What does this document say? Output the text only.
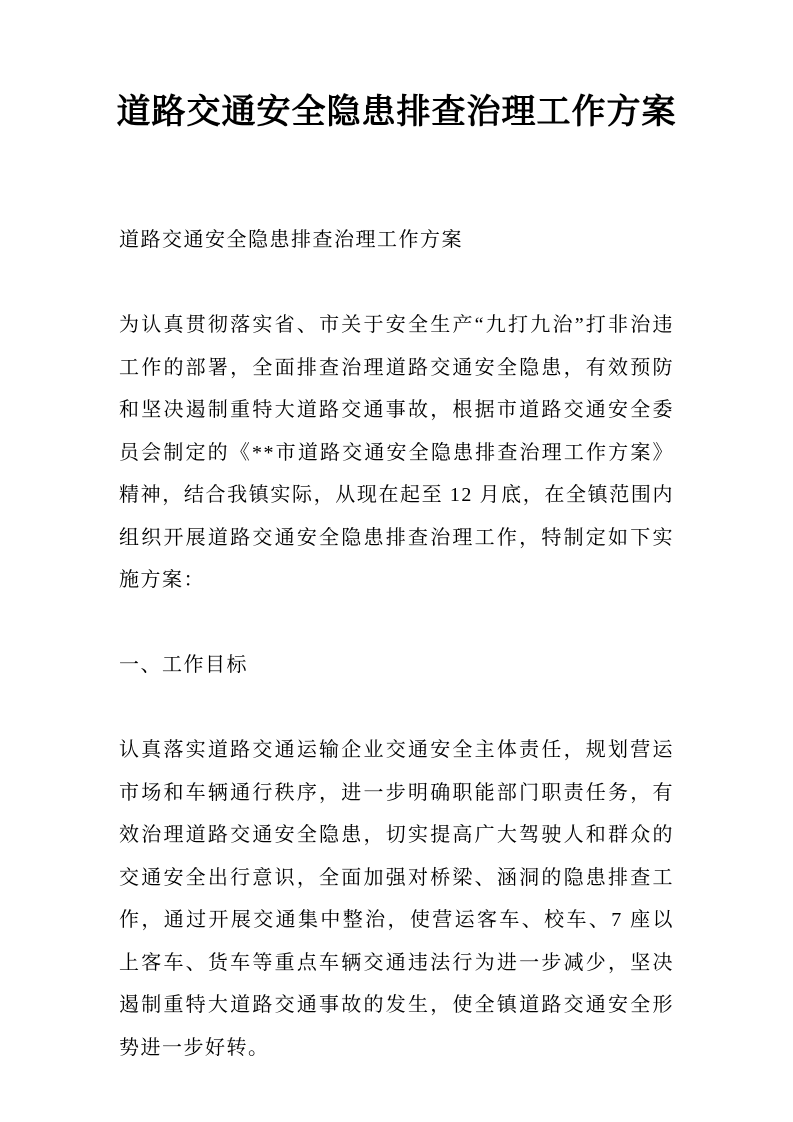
道路交通安全隐患排查治理工作方案

道路交通安全隐患排查治理工作方案

为认真贯彻落实省、市关于安全生产“九打九治”打非治违工作的部署，全面排查治理道路交通安全隐患，有效预防和坚决遏制重特大道路交通事故，根据市道路交通安全委员会制定的《**市道路交通安全隐患排查治理工作方案》精神，结合我镇实际，从现在起至 12 月底，在全镇范围内组织开展道路交通安全隐患排查治理工作，特制定如下实施方案：

一、工作目标

认真落实道路交通运输企业交通安全主体责任，规划营运市场和车辆通行秩序，进一步明确职能部门职责任务，有效治理道路交通安全隐患，切实提高广大驾驶人和群众的交通安全出行意识，全面加强对桥梁、涵洞的隐患排查工作，通过开展交通集中整治，使营运客车、校车、7 座以上客车、货车等重点车辆交通违法行为进一步减少，坚决遏制重特大道路交通事故的发生，使全镇道路交通安全形势进一步好转。
